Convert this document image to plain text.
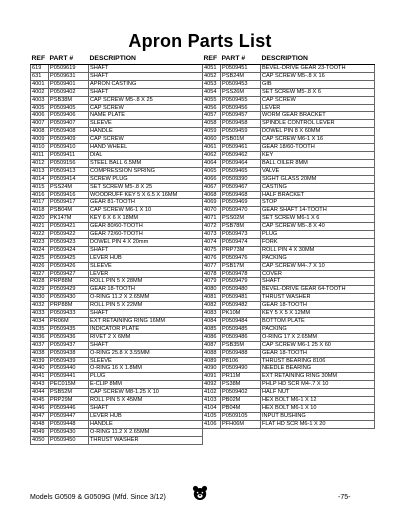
Apron Parts List
REF	PART #	DESCRIPTION
619	P0509619	SHAFT
631	P0509631	SHAFT
4001	P0509401	APRON CASTING
4002	P0509402	SHAFT
4003	PSB38M	CAP SCREW M5-.8 X 25
4005	P0509405	CAP SCREW
4006	P0509406	NAME PLATE
4007	P0509407	SLEEVE
4008	P0509408	HANDLE
4009	P0509409	CAP SCREW
4010	P0509410	HAND WHEEL
4011	P0509411	DIAL
4012	P0509156	STEEL BALL 6.5MM
4013	P0509413	COMPRESSION SPRING
4014	P0509414	SCREW PLUG
4015	PSS24M	SET SCREW M5-.8 X 25
4016	P0509416	WOODRUFF KEY 5 X 6.5 X 16MM
4017	P0509417	GEAR 81-TOOTH
4018	PSB04M	CAP SCREW M6-1 X 10
4020	PK147M	KEY 6 X 6 X 18MM
4021	P0509421	GEAR 80/60-TOOTH
4022	P0509422	GEAR 72/60-TOOTH
4023	P0509423	DOWEL PIN 4 X 20mm
4024	P0509424	SHAFT
4025	P0509425	LEVER HUB
4026	P0509426	SLEEVE
4027	P0509427	LEVER
4028	PRP88M	ROLL PIN 5 X 28MM
4029	P0509429	GEAR 18-TOOTH
4030	P0509430	O-RING 11.2 X 2.65MM
4032	PRP88M	ROLL PIN 5 X 22MM
4033	P0509433	SHAFT
4034	PR06M	EXT RETAINING RING 16MM
4035	P0509435	INDICATOR PLATE
4036	P0509436	RIVET 2 X 6MM
4037	P0509437	SHAFT
4038	P0509438	O-RING 25.8 X 3.55MM
4039	P0509439	SLEEVE
4040	P0509440	O-RING 16 X 1.8MM
4041	P0509441	PLUG
4043	PEC015M	E-CLIP 8MM
4044	PSB52M	CAP SCREW M8-1.25 X 10
4045	PRP29M	ROLL PIN 5 X 45MM
4046	P0509446	SHAFT
4047	P0509447	LEVER HUB
4048	P0509448	HANDLE
4049	P0509430	O-RING 11.2 X 2.65MM
4050	P0509450	THRUST WASHER
REF	PART #	DESCRIPTION
4051	P0509451	BEVEL-DRIVE GEAR 23-TOOTH
4052	PSB24M	CAP SCREW M5-.8 X 16
4053	P0509453	GIB
4054	PSS26M	SET SCREW M5-.8 X 6
4055	P0509455	CAP SCREW
4056	P0509456	LEVER
4057	P0509457	WORM GEAR BRACKET
4058	P0509458	SPINDLE CONTROL LEVER
4059	P0509459	DOWEL PIN 8 X 60MM
4060	PSB01M	CAP SCREW M6-1 X 16
4061	P0509461	GEAR 18/60-TOOTH
4062	P0509462	KEY
4064	P0509464	BALL OILER 8MM
4065	P0509465	VALVE
4066	P0509390	SIGHT GLASS 20MM
4067	P0509467	CASTING
4068	P0509468	HALF BRACKET
4069	P0509469	STOP
4070	P0509470	GEAR SHAFT 14-TOOTH
4071	PSS02M	SET SCREW M6-1 X 6
4072	PSB78M	CAP SCREW M5-.8 X 40
4073	P0509473	PLUG
4074	P0509474	FORK
4075	PRP73M	ROLL PIN 4 X 30MM
4076	P0509476	PACKING
4077	PSB17M	CAP SCREW M4-.7 X 10
4078	P0509478	COVER
4079	P0509479	SHAFT
4080	P0509480	BEVEL-DRIVE GEAR 64-TOOTH
4081	P0509481	THRUST WASHER
4082	P0509482	GEAR 18-TOOTH
4083	PK10M	KEY 5 X 5 X 12MM
4084	P0509484	BOTTOM PLATE
4085	P0509485	PACKING
4086	P0509486	O-RING 17 X 2.65MM
4087	PSB35M	CAP SCREW M6-1 25 X 60
4088	P0509488	GEAR 18-TOOTH
4089	P8106	THRUST BEARING 8106
4090	P0509490	NEEDLE BEARING
4091	PR11M	EXT RETAINING RING 30MM
4092	PS38M	PHLP HD SCR M4-.7 X 10
4102	P0509402	HALF NUT
4103	PB02M	HEX BOLT M6-1 X 12
4104	PB04M	HEX BOLT M6-1 X 10
4105	P0509105	INPUT BUSHING
4106	PFH06M	FLAT HD SCR M6-1 X 20
Models G0509 & G0509G (Mfd. Since 3/12)	-75-
